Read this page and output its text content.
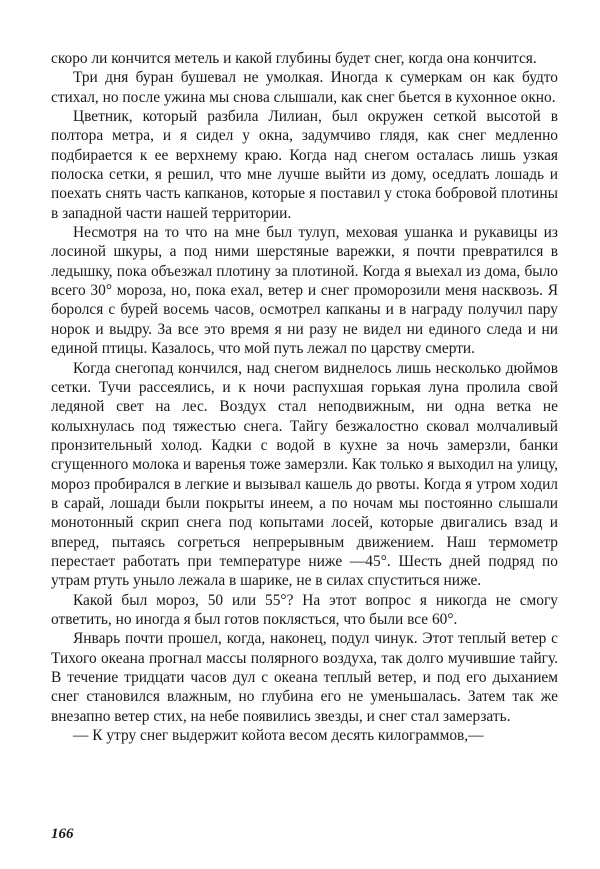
скоро ли кончится метель и какой глубины будет снег, когда она кончится.

Три дня буран бушевал не умолкая. Иногда к сумеркам он как будто стихал, но после ужина мы снова слышали, как снег бьется в кухонное окно.

Цветник, который разбила Лилиан, был окружен сеткой высотой в полтора метра, и я сидел у окна, задумчиво глядя, как снег медленно подбирается к ее верхнему краю. Когда над снегом осталась лишь узкая полоска сетки, я решил, что мне лучше выйти из дому, оседлать лошадь и поехать снять часть капканов, которые я поставил у стока бобровой плотины в западной части нашей территории.

Несмотря на то что на мне был тулуп, меховая ушанка и рукавицы из лосиной шкуры, а под ними шерстяные варежки, я почти превратился в ледышку, пока объезжал плотину за плотиной. Когда я выехал из дома, было всего 30° мороза, но, пока ехал, ветер и снег проморозили меня насквозь. Я боролся с бурей восемь часов, осмотрел капканы и в награду получил пару норок и выдру. За все это время я ни разу не видел ни единого следа и ни единой птицы. Казалось, что мой путь лежал по царству смерти.

Когда снегопад кончился, над снегом виднелось лишь несколько дюймов сетки. Тучи рассеялись, и к ночи распухшая горькая луна пролила свой ледяной свет на лес. Воздух стал неподвижным, ни одна ветка не колыхнулась под тяжестью снега. Тайгу безжалостно сковал молчаливый пронзительный холод. Кадки с водой в кухне за ночь замерзли, банки сгущенного молока и варенья тоже замерзли. Как только я выходил на улицу, мороз пробирался в легкие и вызывал кашель до рвоты. Когда я утром ходил в сарай, лошади были покрыты инеем, а по ночам мы постоянно слышали монотонный скрип снега под копытами лосей, которые двигались взад и вперед, пытаясь согреться непрерывным движением. Наш термометр перестает работать при температуре ниже —45°. Шесть дней подряд по утрам ртуть уныло лежала в шарике, не в силах спуститься ниже.

Какой был мороз, 50 или 55°? На этот вопрос я никогда не смогу ответить, но иногда я был готов поклясться, что были все 60°.

Январь почти прошел, когда, наконец, подул чинук. Этот теплый ветер с Тихого океана прогнал массы полярного воздуха, так долго мучившие тайгу. В течение тридцати часов дул с океана теплый ветер, и под его дыханием снег становился влажным, но глубина его не уменьшалась. Затем так же внезапно ветер стих, на небе появились звезды, и снег стал замерзать.

— К утру снег выдержит койота весом десять килограммов,—

166
